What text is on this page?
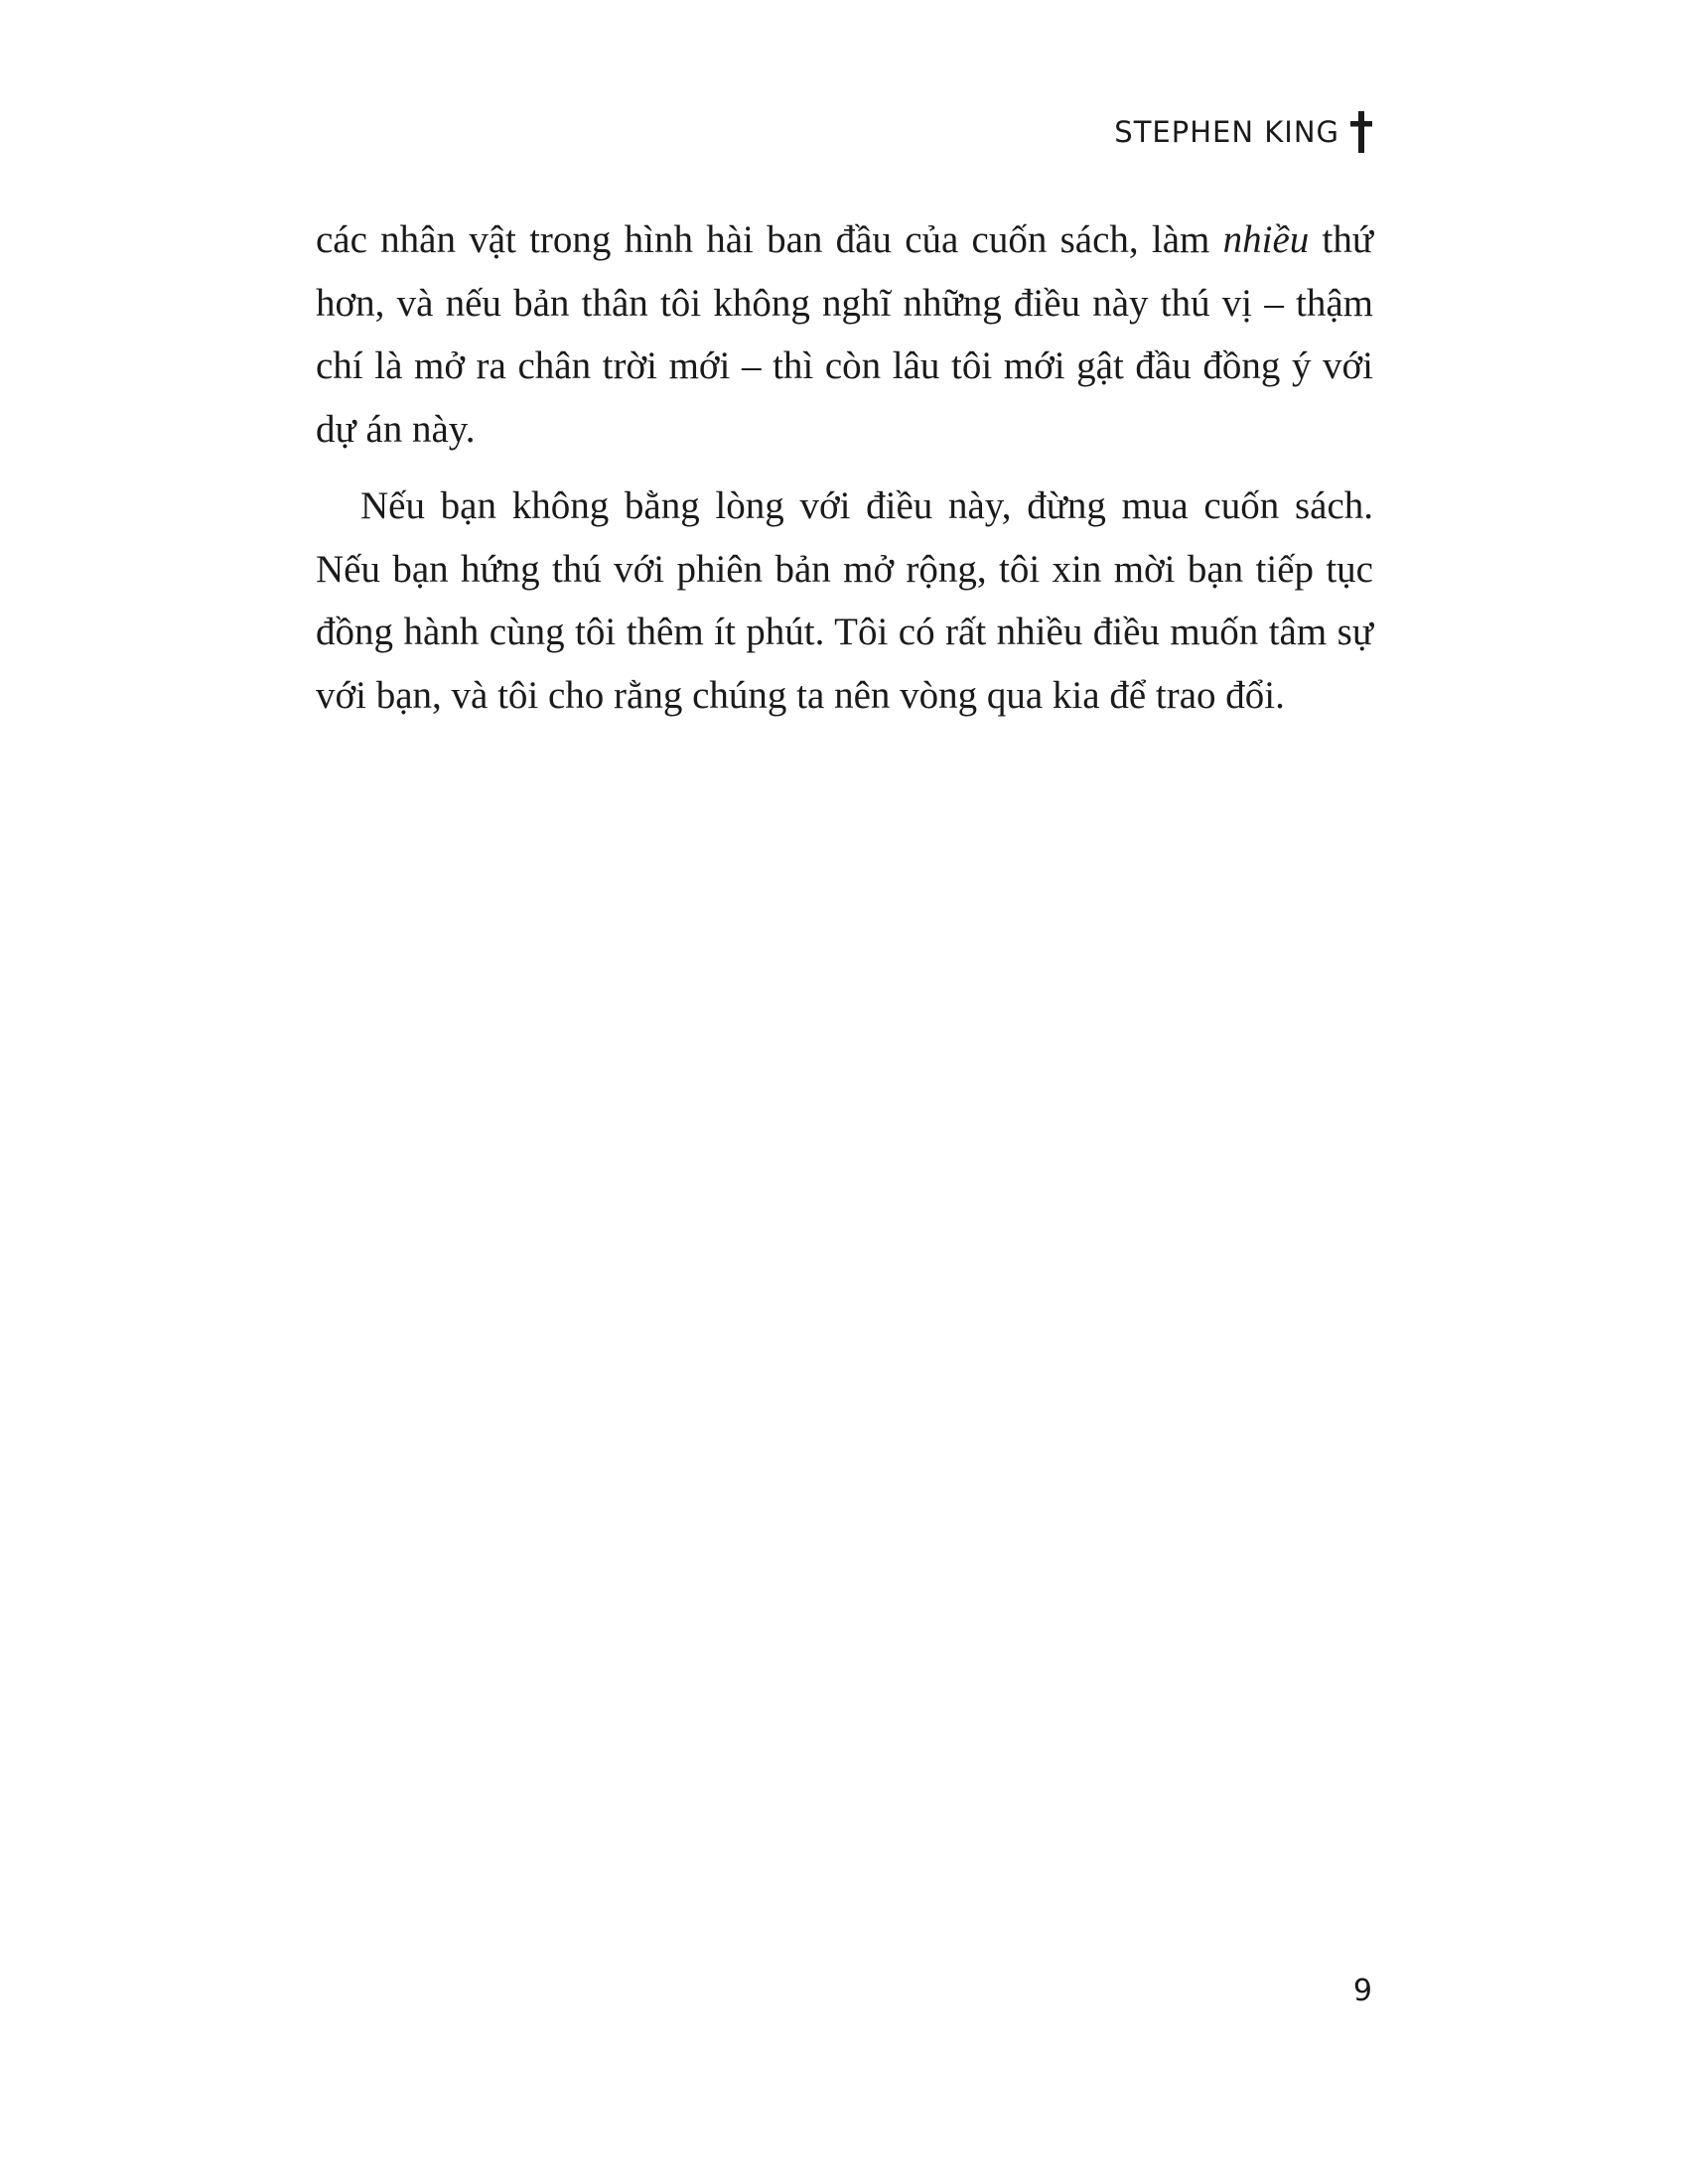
STEPHEN KING

các nhân vật trong hình hài ban đầu của cuốn sách, làm nhiều thứ hơn, và nếu bản thân tôi không nghĩ những điều này thú vị – thậm chí là mở ra chân trời mới – thì còn lâu tôi mới gật đầu đồng ý với dự án này.

Nếu bạn không bằng lòng với điều này, đừng mua cuốn sách. Nếu bạn hứng thú với phiên bản mở rộng, tôi xin mời bạn tiếp tục đồng hành cùng tôi thêm ít phút. Tôi có rất nhiều điều muốn tâm sự với bạn, và tôi cho rằng chúng ta nên vòng qua kia để trao đổi.

9
